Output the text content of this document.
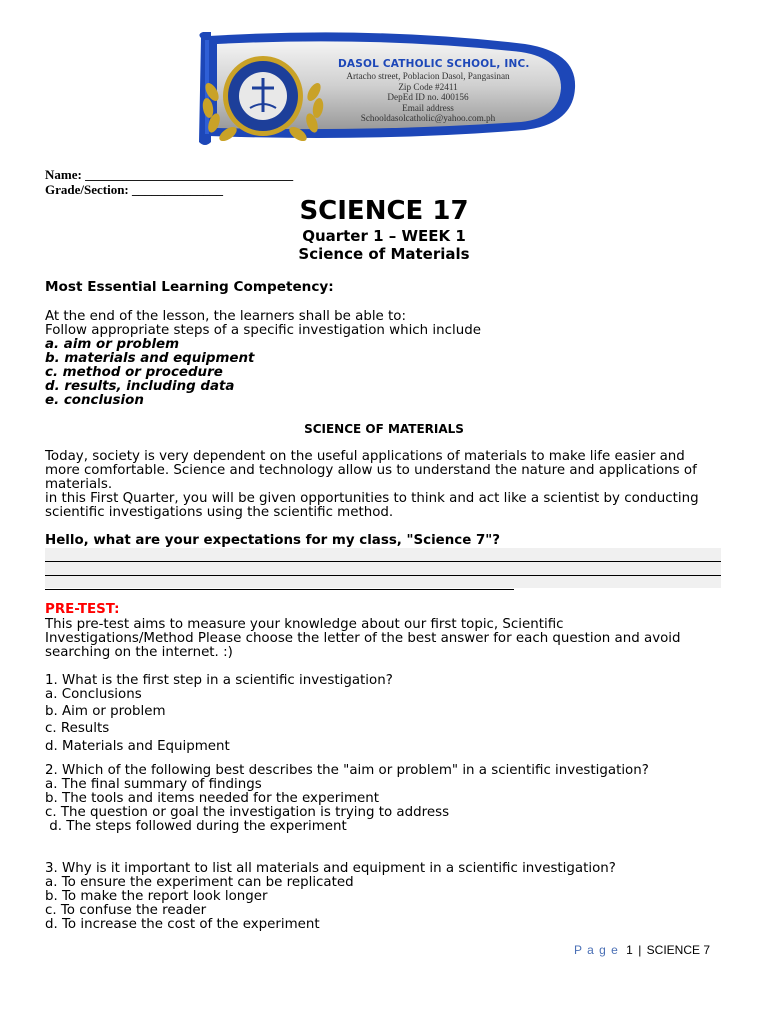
DASOL CATHOLIC SCHOOL, INC.
Artacho street, Poblacion Dasol, Pangasinan
Zip Code #2411
DepEd ID no. 400156
Email address
Schooldasolcatholic@yahoo.com.ph
Name: ________________________________
Grade/Section: ______________
SCIENCE 17
Quarter 1 – WEEK 1
Science of Materials
Most Essential Learning Competency:
At the end of the lesson, the learners shall be able to:
Follow appropriate steps of a specific investigation which include
a. aim or problem
b. materials and equipment
c. method or procedure
d. results, including data
e. conclusion
SCIENCE OF MATERIALS
Today, society is very dependent on the useful applications of materials to make life easier and
more comfortable. Science and technology allow us to understand the nature and applications of
materials.
in this First Quarter, you will be given opportunities to think and act like a scientist by conducting
scientific investigations using the scientific method.
Hello, what are your expectations for my class, "Science 7"?
PRE-TEST:
This pre-test aims to measure your knowledge about our first topic, Scientific
Investigations/Method Please choose the letter of the best answer for each question and avoid
searching on the internet. :)
1. What is the first step in a scientific investigation?
a. Conclusions
b. Aim or problem
c. Results
d. Materials and Equipment
2. Which of the following best describes the "aim or problem" in a scientific investigation?
a. The final summary of findings
b. The tools and items needed for the experiment
c. The question or goal the investigation is trying to address
d. The steps followed during the experiment
3. Why is it important to list all materials and equipment in a scientific investigation?
a. To ensure the experiment can be replicated
b. To make the report look longer
c. To confuse the reader
d. To increase the cost of the experiment
P a g e 1 | SCIENCE 7
